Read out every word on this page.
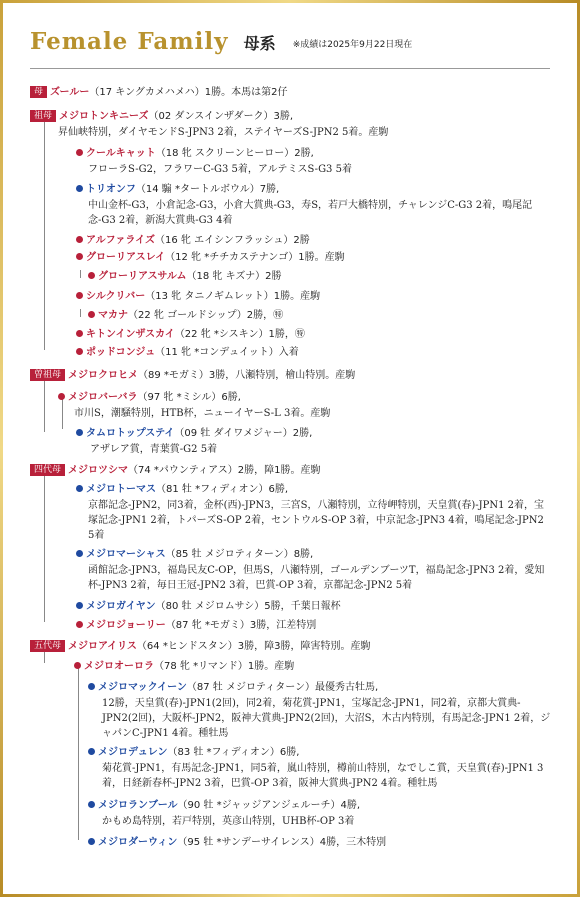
Female Family 母系 ※成績は2025年9月22日現在
母 ズールー（17 キングカメハメハ）1勝。本馬は第2仔
祖母 メジロトンキニーズ（02 ダンスインザダーク）3勝,
昇仙峡特別，ダイヤモンドS-JPN3 2着，ステイヤーズS-JPN2 5着。産駒
クールキャット（18 牝 スクリーンヒーロー）2勝,
フローラS-G2，フラワーC-G3 5着，アルテミスS-G3 5着
トリオンフ（14 騸 *タートルボウル）7勝,
中山金杯-G3，小倉記念-G3，小倉大賞典-G3，寿S，若戸大橋特別，チャレンジC-G3 2着，鳴尾記念-G3 2着，新潟大賞典-G3 4着
アルファライズ（16 牝 エイシンフラッシュ）2勝
グローリアスレイ（12 牝 *チチカステナンゴ）1勝。産駒
グローリアスサルム（18 牝 キズナ）2勝
シルクリバー（13 牝 タニノギムレット）1勝。産駒
マカナ（22 牝 ゴールドシップ）2勝，㊕
キトンインザスカイ（22 牝 *シスキン）1勝，㊕
ポッドコンジュ（11 牝 *コンデュイット）入着
曽祖母 メジロクロヒメ（89 *モガミ）3勝，八瀬特別，檜山特別。産駒
メジロバーバラ（97 牝 *ミシル）6勝,
市川S，潮騒特別，HTB杯，ニューイヤーS-L 3着。産駒
タムロトップステイ（09 牡 ダイワメジャー）2勝,
アザレア賞，青葉賞-G2 5着
四代母 メジロツシマ（74 *パウンティアス）2勝，障1勝。産駒
メジロトーマス（81 牡 *フィディオン）6勝,
京都記念-JPN2，同3着，金杯(西)-JPN3，三宮S，八瀬特別，立待岬特別，天皇賞(春)-JPN1 2着，宝塚記念-JPN1 2着，トパーズS-OP 2着，セントウルS-OP 3着，中京記念-JPN3 4着，鳴尾記念-JPN2 5着
メジロマーシャス（85 牡 メジロティターン）8勝,
函館記念-JPN3，福島民友C-OP，但馬S，八瀬特別，ゴールデンブーツT，福島記念-JPN3 2着，愛知杯-JPN3 2着，毎日王冠-JPN2 3着，巴賞-OP 3着，京都記念-JPN2 5着
メジロガイヤン（80 牡 メジロムサシ）5勝，千葉日報杯
メジロジョーリー（87 牝 *モガミ）3勝，江差特別
五代母 メジロアイリス（64 *ヒンドスタン）3勝，障3勝，障害特別。産駒
メジロオーロラ（78 牝 *リマンド）1勝。産駒
メジロマックイーン（87 牡 メジロティターン）最優秀古牡馬,
12勝，天皇賞(春)-JPN1(2回)，同2着，菊花賞-JPN1，宝塚記念-JPN1，同2着，京都大賞典-JPN2(2回)，大阪杯-JPN2，阪神大賞典-JPN2(2回)，大沼S，木古内特別，有馬記念-JPN1 2着，ジャパンC-JPN1 4着。種牡馬
メジロデュレン（83 牡 *フィディオン）6勝,
菊花賞-JPN1，有馬記念-JPN1，同5着，嵐山特別，樽前山特別，なでしこ賞，天皇賞(春)-JPN1 3着，日経新春杯-JPN2 3着，巴賞-OP 3着，阪神大賞典-JPN2 4着。種牡馬
メジロランブール（90 牡 *ジャッジアンジェルーチ）4勝,
かもめ島特別，若戸特別，英彦山特別，UHB杯-OP 3着
メジロダーウィン（95 牡 *サンデーサイレンス）4勝，三木特別
